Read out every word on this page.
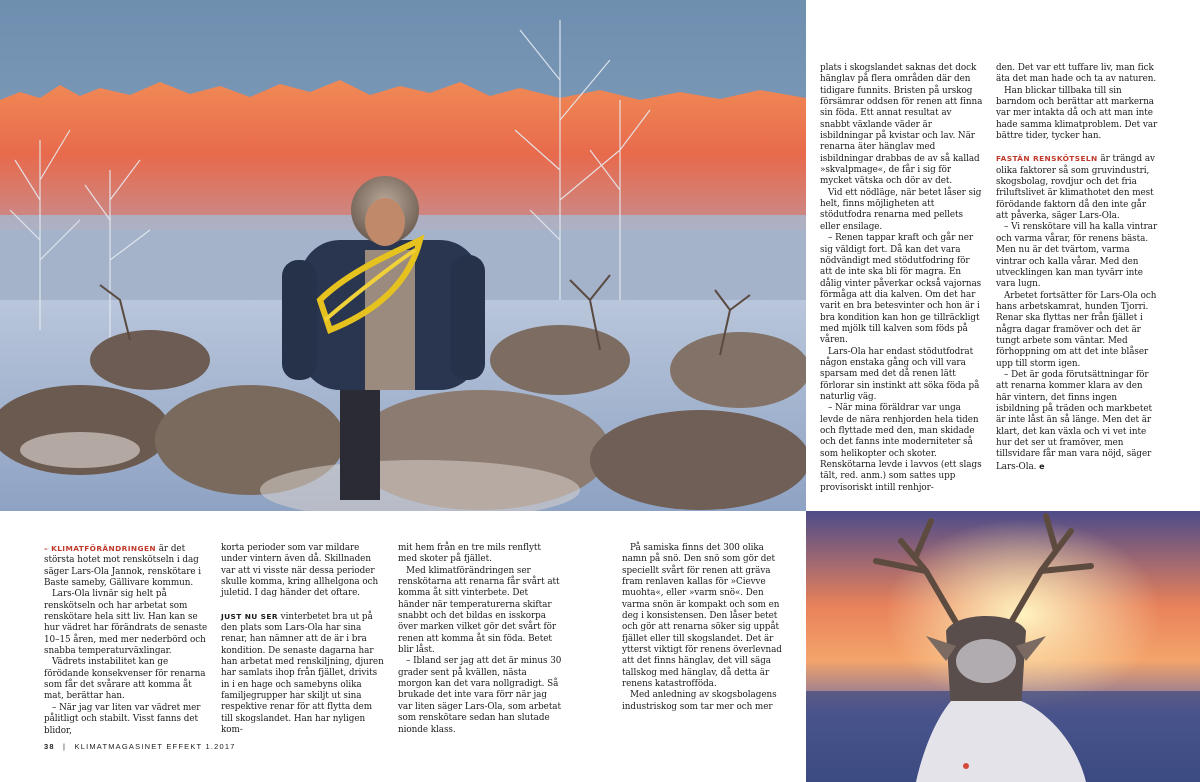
plats i skogslandet saknas det dock hänglav på flera områden där den tidigare funnits. Bristen på urskog försämrar oddsen för renen att finna sin föda. Ett annat resultat av snabbt växlande väder är isbildningar på kvistar och lav. När renarna äter hänglav med isbildningar drabbas de av så kallad »skvalpmage«, de får i sig för mycket vätska och dör av det.

Vid ett nödläge, när betet låser sig helt, finns möjligheten att stödutfodra renarna med pellets eller ensilage.

– Renen tappar kraft och går ner sig väldigt fort. Då kan det vara nödvändigt med stödutfodring för att de inte ska bli för magra. En dålig vinter påverkar också vajornas förmåga att dia kalven. Om det har varit en bra betesvinter och hon är i bra kondition kan hon ge tillräckligt med mjölk till kalven som föds på våren.

Lars-Ola har endast stödutfodrat någon enstaka gång och vill vara sparsam med det då renen lätt förlorar sin instinkt att söka föda på naturlig väg.

– När mina föräldrar var unga levde de nära renhjorden hela tiden och flyttade med den, man skidade och det fanns inte moderniteter så som helikopter och skoter. Renskötarna levde i lavvos (ett slags tält, red. anm.) som sattes upp provisoriskt intill renhjor-

den. Det var ett tuffare liv, man fick äta det man hade och ta av naturen.

Han blickar tillbaka till sin barndom och berättar att markerna var mer intakta då och att man inte hade samma klimatproblem. Det var bättre tider, tycker han.

FASTÄN RENSKÖTSELN är trängd av olika faktorer så som gruvindustri, skogsbolag, rovdjur och det fria friluftslivet är klimathotet den mest förödande faktorn då den inte går att påverka, säger Lars-Ola.

– Vi renskötare vill ha kalla vintrar och varma vårar, för renens bästa. Men nu är det tvärtom, varma vintrar och kalla vårar. Med den utvecklingen kan man tyvärr inte vara lugn.

Arbetet fortsätter för Lars-Ola och hans arbetskamrat, hunden Tjorri. Renar ska flyttas ner från fjället i några dagar framöver och det är tungt arbete som väntar. Med förhoppning om att det inte blåser upp till storm igen.

– Det är goda förutsättningar för att renarna kommer klara av den här vintern, det finns ingen isbildning på träden och markbetet är inte låst än så länge. Men det är klart, det kan växla och vi vet inte hur det ser ut framöver, men tillsvidare får man vara nöjd, säger Lars-Ola. e

– KLIMATFÖRÄNDRINGEN är det största hotet mot renskötseln i dag säger Lars-Ola Jannok, renskötare i Baste sameby, Gällivare kommun.

Lars-Ola livnär sig helt på renskötseln och har arbetat som renskötare hela sitt liv. Han kan se hur vädret har förändrats de senaste 10–15 åren, med mer nederbörd och snabba temperaturväxlingar.

Vädrets instabilitet kan ge förödande konsekvenser för renarna som får det svårare att komma åt mat, berättar han.

– När jag var liten var vädret mer pålitligt och stabilt. Visst fanns det blidor,

korta perioder som var mildare under vintern även då. Skillnaden var att vi visste när dessa perioder skulle komma, kring allhelgona och juletid. I dag händer det oftare.

JUST NU SER vinterbetet bra ut på den plats som Lars-Ola har sina renar, han nämner att de är i bra kondition. De senaste dagarna har han arbetat med renskiljning, djuren har samlats ihop från fjället, drivits in i en hage och samebyns olika familjegrupper har skiljt ut sina respektive renar för att flytta dem till skogslandet. Han har nyligen kom-

mit hem från en tre mils renflytt med skoter på fjället.

Med klimatförändringen ser renskötarna att renarna får svårt att komma åt sitt vinterbete. Det händer när temperaturerna skiftar snabbt och det bildas en isskorpa över marken vilket gör det svårt för renen att komma åt sin föda. Betet blir låst.

– Ibland ser jag att det är minus 30 grader sent på kvällen, nästa morgon kan det vara nollgradigt. Så brukade det inte vara förr när jag var liten säger Lars-Ola, som arbetat som renskötare sedan han slutade nionde klass.

På samiska finns det 300 olika namn på snö. Den snö som gör det speciellt svårt för renen att gräva fram renlaven kallas för »Cievve muohta«, eller »varm snö«. Den varma snön är kompakt och som en deg i konsistensen. Den låser betet och gör att renarna söker sig uppåt fjället eller till skogslandet. Det är ytterst viktigt för renens överlevnad att det finns hänglav, det vill säga tallskog med hänglav, då detta är renens katastrofföda.

Med anledning av skogsbolagens industriskog som tar mer och mer

38 | KLIMATMAGASINET EFFEKT 1.2017
